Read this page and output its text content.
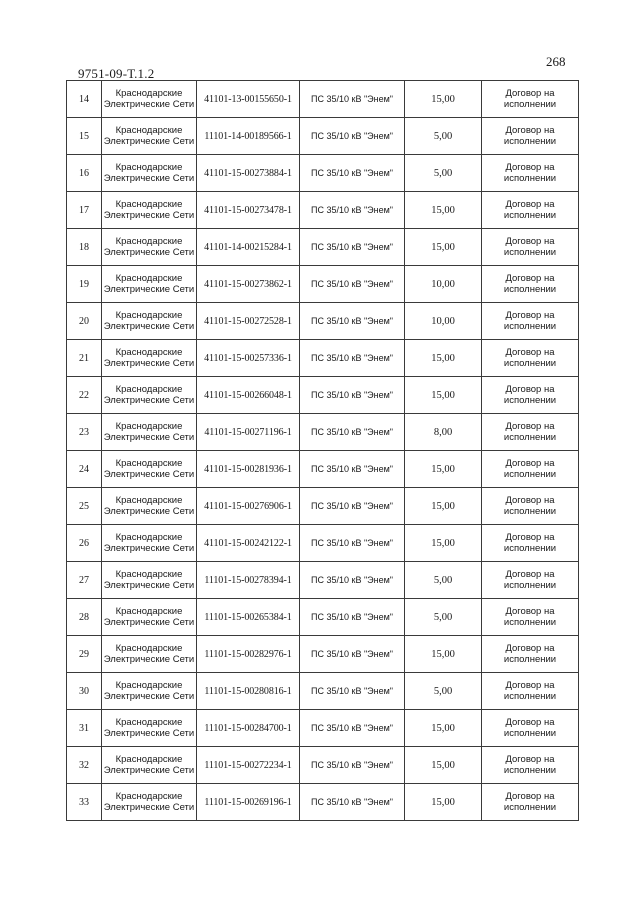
268
9751-09-Т.1.2
14	Краснодарские Электрические Сети	41101-13-00155650-1	ПС 35/10 кВ "Энем"	15,00	Договор на исполнении

15	Краснодарские Электрические Сети	11101-14-00189566-1	ПС 35/10 кВ "Энем"	5,00	Договор на исполнении

16	Краснодарские Электрические Сети	41101-15-00273884-1	ПС 35/10 кВ "Энем"	5,00	Договор на исполнении

17	Краснодарские Электрические Сети	41101-15-00273478-1	ПС 35/10 кВ "Энем"	15,00	Договор на исполнении

18	Краснодарские Электрические Сети	41101-14-00215284-1	ПС 35/10 кВ "Энем"	15,00	Договор на исполнении

19	Краснодарские Электрические Сети	41101-15-00273862-1	ПС 35/10 кВ "Энем"	10,00	Договор на исполнении

20	Краснодарские Электрические Сети	41101-15-00272528-1	ПС 35/10 кВ "Энем"	10,00	Договор на исполнении

21	Краснодарские Электрические Сети	41101-15-00257336-1	ПС 35/10 кВ "Энем"	15,00	Договор на исполнении

22	Краснодарские Электрические Сети	41101-15-00266048-1	ПС 35/10 кВ "Энем"	15,00	Договор на исполнении

23	Краснодарские Электрические Сети	41101-15-00271196-1	ПС 35/10 кВ "Энем"	8,00	Договор на исполнении

24	Краснодарские Электрические Сети	41101-15-00281936-1	ПС 35/10 кВ "Энем"	15,00	Договор на исполнении

25	Краснодарские Электрические Сети	41101-15-00276906-1	ПС 35/10 кВ "Энем"	15,00	Договор на исполнении

26	Краснодарские Электрические Сети	41101-15-00242122-1	ПС 35/10 кВ "Энем"	15,00	Договор на исполнении

27	Краснодарские Электрические Сети	11101-15-00278394-1	ПС 35/10 кВ "Энем"	5,00	Договор на исполнении

28	Краснодарские Электрические Сети	11101-15-00265384-1	ПС 35/10 кВ "Энем"	5,00	Договор на исполнении

29	Краснодарские Электрические Сети	11101-15-00282976-1	ПС 35/10 кВ "Энем"	15,00	Договор на исполнении

30	Краснодарские Электрические Сети	11101-15-00280816-1	ПС 35/10 кВ "Энем"	5,00	Договор на исполнении

31	Краснодарские Электрические Сети	11101-15-00284700-1	ПС 35/10 кВ "Энем"	15,00	Договор на исполнении

32	Краснодарские Электрические Сети	11101-15-00272234-1	ПС 35/10 кВ "Энем"	15,00	Договор на исполнении

33	Краснодарские Электрические Сети	11101-15-00269196-1	ПС 35/10 кВ "Энем"	15,00	Договор на исполнении
